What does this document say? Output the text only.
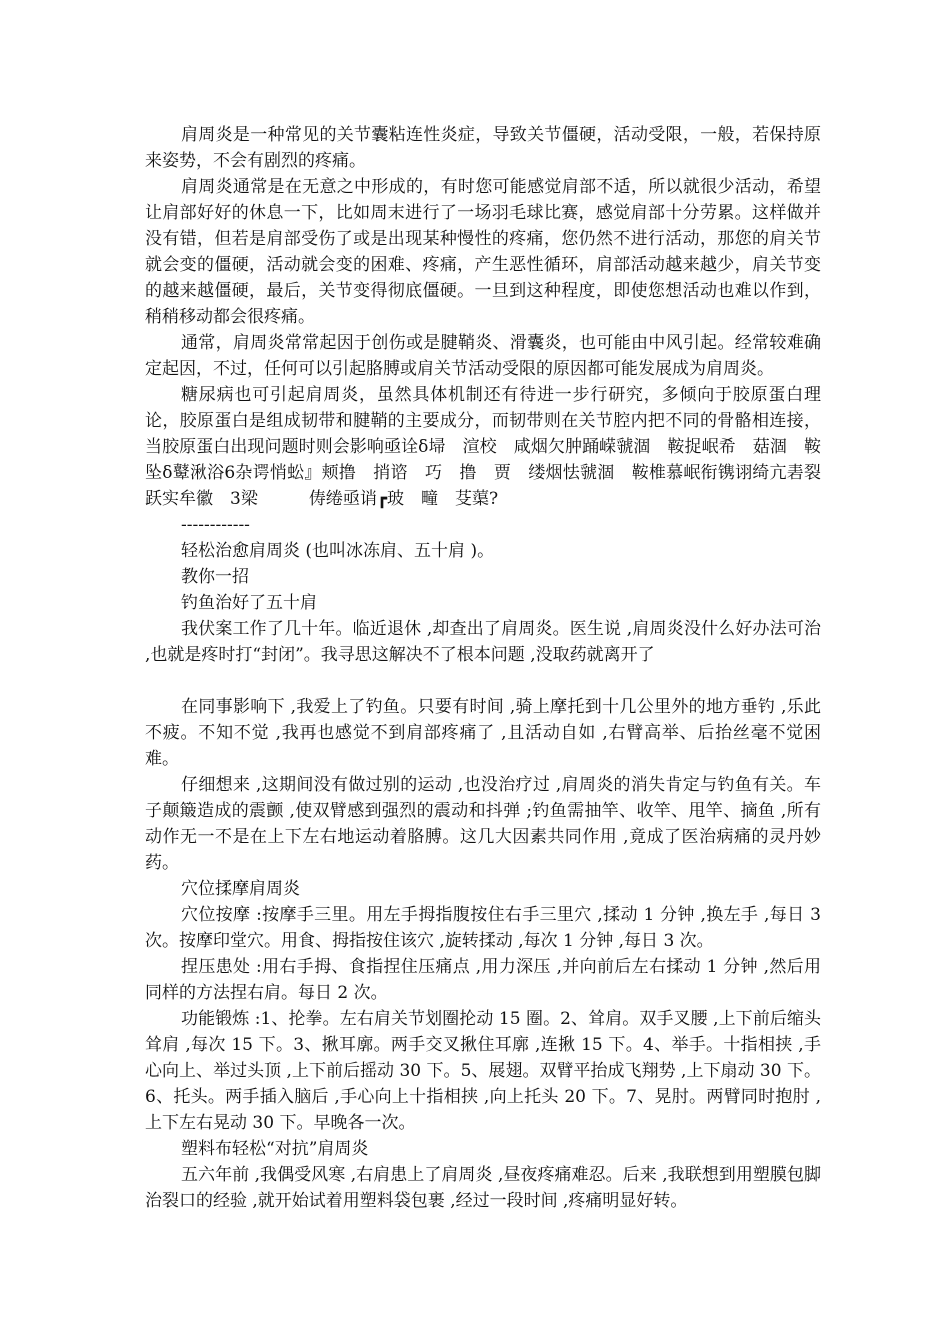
肩周炎是一种常见的关节囊粘连性炎症，导致关节僵硬，活动受限，一般，若保持原来姿势，不会有剧烈的疼痛。

肩周炎通常是在无意之中形成的，有时您可能感觉肩部不适，所以就很少活动，希望让肩部好好的休息一下，比如周末进行了一场羽毛球比赛，感觉肩部十分劳累。这样做并没有错，但若是肩部受伤了或是出现某种慢性的疼痛，您仍然不进行活动，那您的肩关节就会变的僵硬，活动就会变的困难、疼痛，产生恶性循环，肩部活动越来越少，肩关节变的越来越僵硬，最后，关节变得彻底僵硬。一旦到这种程度，即使您想活动也难以作到，稍稍移动都会很疼痛。

通常，肩周炎常常起因于创伤或是腱鞘炎、滑囊炎，也可能由中风引起。经常较难确定起因，不过，任何可以引起胳膊或肩关节活动受限的原因都可能发展成为肩周炎。

糖尿病也可引起肩周炎，虽然具体机制还有待进一步行研究，多倾向于胶原蛋白理论，胶原蛋白是组成韧带和腱鞘的主要成分，而韧带则在关节腔内把不同的骨骼相连接，当胶原蛋白出现问题时则会影响亟诠δ埽　渲校　咸烟欠肿踊嵘虢涸　鞍捉岷希　菇涸　鞍坠δ鼙湫浴6杂谔悄蚣』颊撸　捎谘　巧　撸　贾　缕烟怯虢涸　鞍椎慕岷衔镌诩绮亢砉裂跃实牟徽　3梁　　　俦绻亟诮┏玻　疃　芟蕖?

------------

轻松治愈肩周炎 (也叫冰冻肩、五十肩 )。

教你一招

钓鱼治好了五十肩

我伏案工作了几十年。临近退休 ,却查出了肩周炎。医生说 ,肩周炎没什么好办法可治 ,也就是疼时打“封闭”。我寻思这解决不了根本问题 ,没取药就离开了

在同事影响下 ,我爱上了钓鱼。只要有时间 ,骑上摩托到十几公里外的地方垂钓 ,乐此不疲。不知不觉 ,我再也感觉不到肩部疼痛了 ,且活动自如 ,右臂高举、后抬丝毫不觉困难。

仔细想来 ,这期间没有做过别的运动 ,也没治疗过 ,肩周炎的消失肯定与钓鱼有关。车子颠簸造成的震颤 ,使双臂感到强烈的震动和抖弹 ;钓鱼需抽竿、收竿、甩竿、摘鱼 ,所有动作无一不是在上下左右地运动着胳膊。这几大因素共同作用 ,竟成了医治病痛的灵丹妙药。

穴位揉摩肩周炎

穴位按摩 :按摩手三里。用左手拇指腹按住右手三里穴 ,揉动 1 分钟 ,换左手 ,每日 3 次。按摩印堂穴。用食、拇指按住该穴 ,旋转揉动 ,每次 1 分钟 ,每日 3 次。

捏压患处 :用右手拇、食指捏住压痛点 ,用力深压 ,并向前后左右揉动 1 分钟 ,然后用同样的方法捏右肩。每日 2 次。

功能锻炼 :1、抡拳。左右肩关节划圈抡动 15 圈。2、耸肩。双手叉腰 ,上下前后缩头耸肩 ,每次 15 下。3、揪耳廓。两手交叉揪住耳廓 ,连揪 15 下。4、举手。十指相挟 ,手心向上、举过头顶 ,上下前后摇动 30 下。5、展翅。双臂平抬成飞翔势 ,上下扇动 30 下。6、托头。两手插入脑后 ,手心向上十指相挟 ,向上托头 20 下。7、晃肘。两臂同时抱肘 ,上下左右晃动 30 下。早晚各一次。

塑料布轻松“对抗”肩周炎

五六年前 ,我偶受风寒 ,右肩患上了肩周炎 ,昼夜疼痛难忍。后来 ,我联想到用塑膜包脚治裂口的经验 ,就开始试着用塑料袋包裹 ,经过一段时间 ,疼痛明显好转。
